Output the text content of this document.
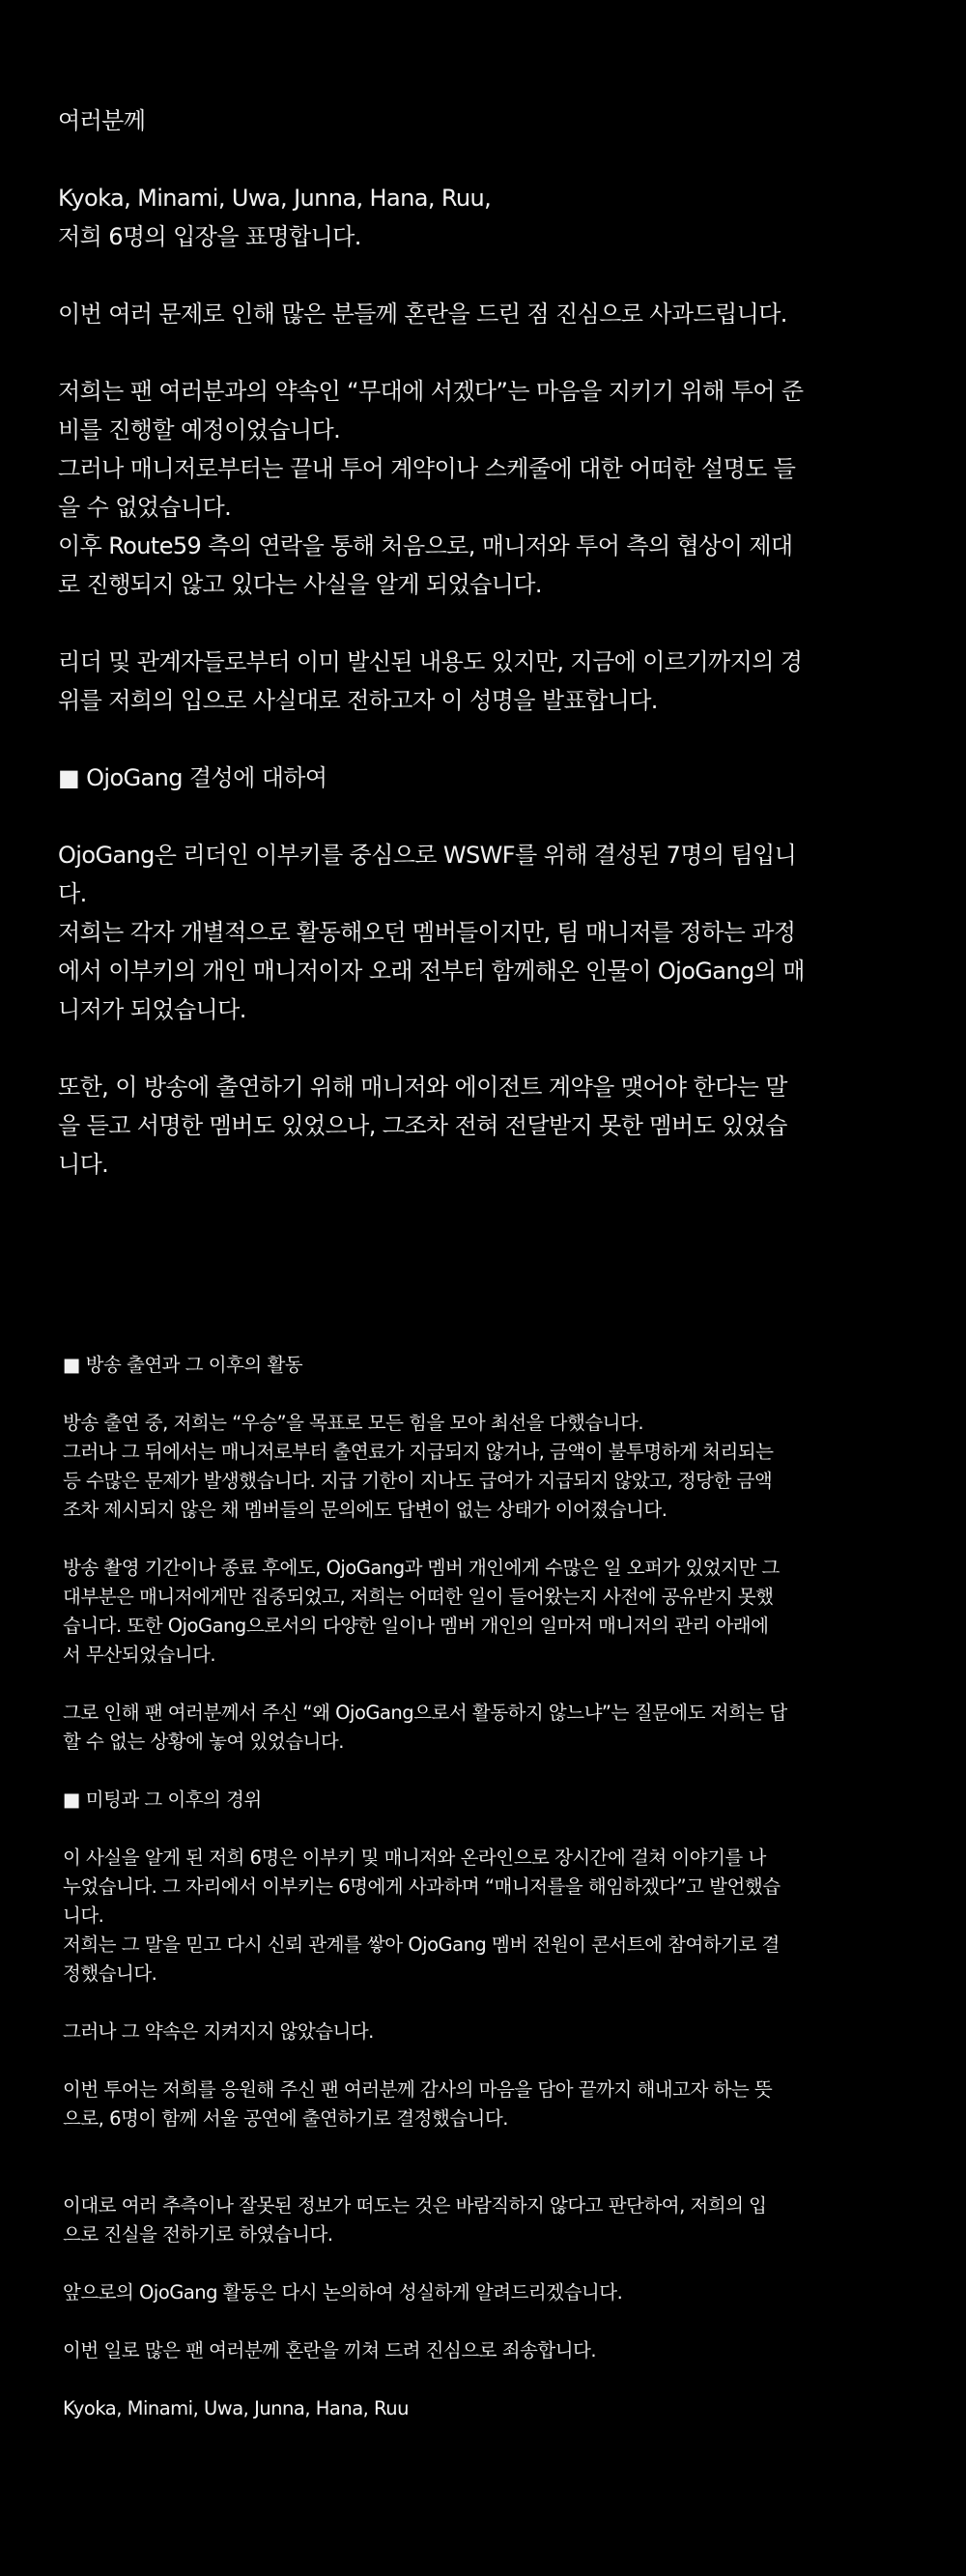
여러분께

Kyoka, Minami, Uwa, Junna, Hana, Ruu,

저희 6명의 입장을 표명합니다.

이번 여러 문제로 인해 많은 분들께 혼란을 드린 점 진심으로 사과드립니다.

저희는 팬 여러분과의 약속인 “무대에 서겠다”는 마음을 지키기 위해 투어 준

비를 진행할 예정이었습니다.

그러나 매니저로부터는 끝내 투어 계약이나 스케줄에 대한 어떠한 설명도 들

을 수 없었습니다.

이후 Route59 측의 연락을 통해 처음으로, 매니저와 투어 측의 협상이 제대

로 진행되지 않고 있다는 사실을 알게 되었습니다.

리더 및 관계자들로부터 이미 발신된 내용도 있지만, 지금에 이르기까지의 경

위를 저희의 입으로 사실대로 전하고자 이 성명을 발표합니다.

■ OjoGang 결성에 대하여

OjoGang은 리더인 이부키를 중심으로 WSWF를 위해 결성된 7명의 팀입니

다.

저희는 각자 개별적으로 활동해오던 멤버들이지만, 팀 매니저를 정하는 과정

에서 이부키의 개인 매니저이자 오래 전부터 함께해온 인물이 OjoGang의 매

니저가 되었습니다.

또한, 이 방송에 출연하기 위해 매니저와 에이전트 계약을 맺어야 한다는 말

을 듣고 서명한 멤버도 있었으나, 그조차 전혀 전달받지 못한 멤버도 있었습

니다.

■ 방송 출연과 그 이후의 활동

방송 출연 중, 저희는 “우승”을 목표로 모든 힘을 모아 최선을 다했습니다.

그러나 그 뒤에서는 매니저로부터 출연료가 지급되지 않거나, 금액이 불투명하게 처리되는

등 수많은 문제가 발생했습니다. 지급 기한이 지나도 급여가 지급되지 않았고, 정당한 금액

조차 제시되지 않은 채 멤버들의 문의에도 답변이 없는 상태가 이어졌습니다.

방송 촬영 기간이나 종료 후에도, OjoGang과 멤버 개인에게 수많은 일 오퍼가 있었지만 그

대부분은 매니저에게만 집중되었고, 저희는 어떠한 일이 들어왔는지 사전에 공유받지 못했

습니다. 또한 OjoGang으로서의 다양한 일이나 멤버 개인의 일마저 매니저의 관리 아래에

서 무산되었습니다.

그로 인해 팬 여러분께서 주신 “왜 OjoGang으로서 활동하지 않느냐”는 질문에도 저희는 답

할 수 없는 상황에 놓여 있었습니다.

■ 미팅과 그 이후의 경위

이 사실을 알게 된 저희 6명은 이부키 및 매니저와 온라인으로 장시간에 걸쳐 이야기를 나

누었습니다. 그 자리에서 이부키는 6명에게 사과하며 “매니저를을 해임하겠다”고 발언했습

니다.

저희는 그 말을 믿고 다시 신뢰 관계를 쌓아 OjoGang 멤버 전원이 콘서트에 참여하기로 결

정했습니다.

그러나 그 약속은 지켜지지 않았습니다.

이번 투어는 저희를 응원해 주신 팬 여러분께 감사의 마음을 담아 끝까지 해내고자 하는 뜻

으로, 6명이 함께 서울 공연에 출연하기로 결정했습니다.

이대로 여러 추측이나 잘못된 정보가 떠도는 것은 바람직하지 않다고 판단하여, 저희의 입

으로 진실을 전하기로 하였습니다.

앞으로의 OjoGang 활동은 다시 논의하여 성실하게 알려드리겠습니다.

이번 일로 많은 팬 여러분께 혼란을 끼쳐 드려 진심으로 죄송합니다.

Kyoka, Minami, Uwa, Junna, Hana, Ruu
